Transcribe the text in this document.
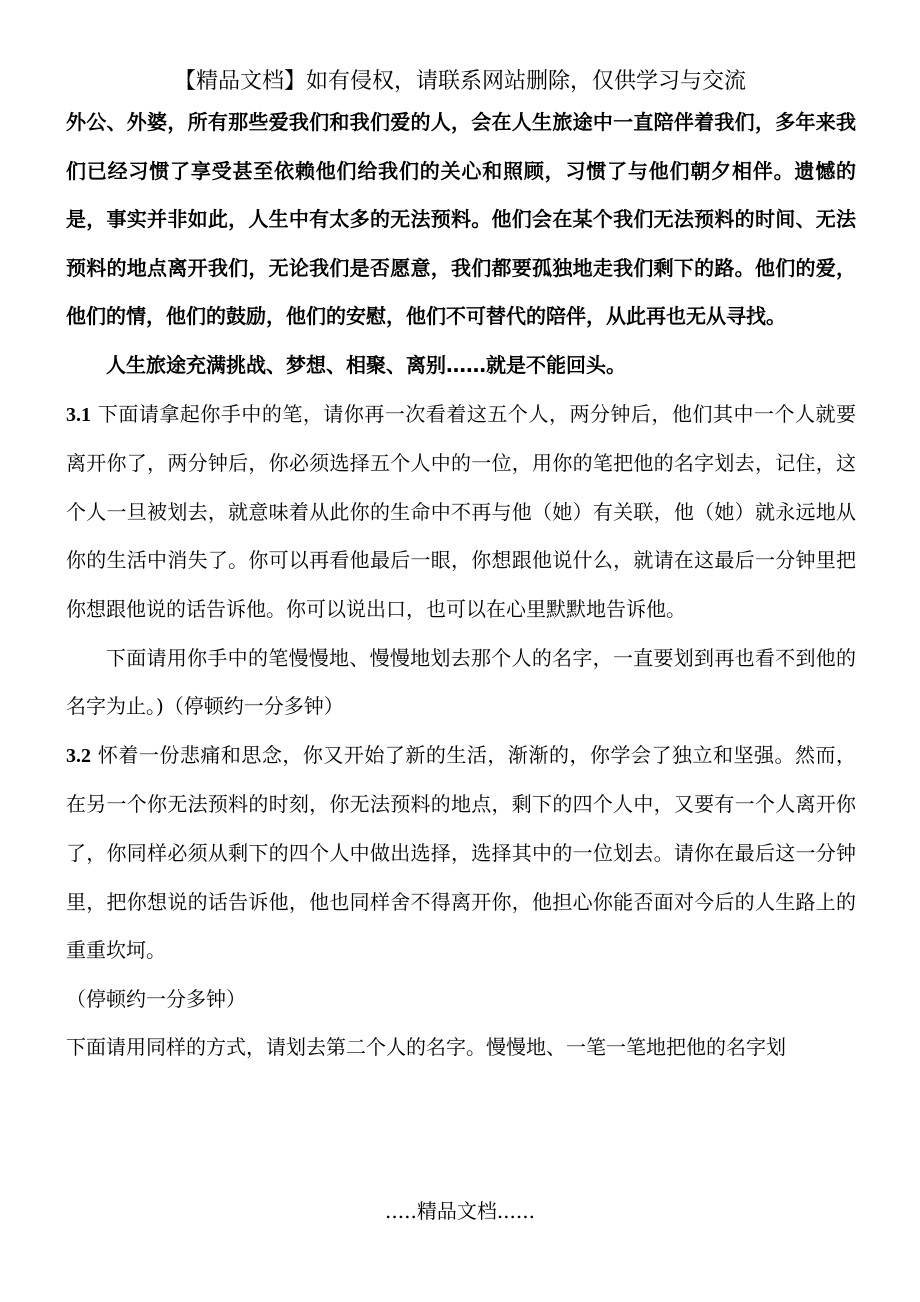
【精品文档】如有侵权，请联系网站删除，仅供学习与交流

外公、外婆，所有那些爱我们和我们爱的人，会在人生旅途中一直陪伴着我们，多年来我们已经习惯了享受甚至依赖他们给我们的关心和照顾，习惯了与他们朝夕相伴。遗憾的是，事实并非如此，人生中有太多的无法预料。他们会在某个我们无法预料的时间、无法预料的地点离开我们，无论我们是否愿意，我们都要孤独地走我们剩下的路。他们的爱，他们的情，他们的鼓励，他们的安慰，他们不可替代的陪伴，从此再也无从寻找。

人生旅途充满挑战、梦想、相聚、离别……就是不能回头。

3.1 下面请拿起你手中的笔，请你再一次看着这五个人，两分钟后，他们其中一个人就要离开你了，两分钟后，你必须选择五个人中的一位，用你的笔把他的名字划去，记住，这个人一旦被划去，就意味着从此你的生命中不再与他（她）有关联，他（她）就永远地从你的生活中消失了。你可以再看他最后一眼，你想跟他说什么，就请在这最后一分钟里把你想跟他说的话告诉他。你可以说出口，也可以在心里默默地告诉他。

下面请用你手中的笔慢慢地、慢慢地划去那个人的名字，一直要划到再也看不到他的名字为止。)（停顿约一分多钟）

3.2 怀着一份悲痛和思念，你又开始了新的生活，渐渐的，你学会了独立和坚强。然而，在另一个你无法预料的时刻，你无法预料的地点，剩下的四个人中，又要有一个人离开你了，你同样必须从剩下的四个人中做出选择，选择其中的一位划去。请你在最后这一分钟里，把你想说的话告诉他，他也同样舍不得离开你，他担心你能否面对今后的人生路上的重重坎坷。

（停顿约一分多钟）

下面请用同样的方式，请划去第二个人的名字。慢慢地、一笔一笔地把他的名字划

.....精品文档......
